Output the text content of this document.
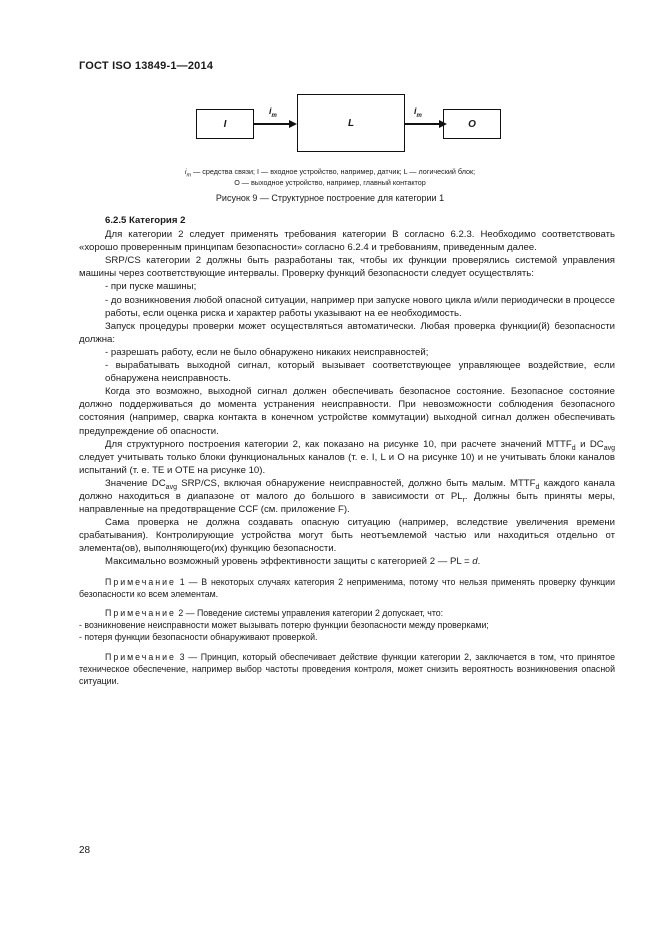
ГОСТ ISO 13849-1—2014
I
$i_m$
L
$i_m$
O
$i_m$ — средства связи; I — входное устройство, например, датчик; L — логический блок;
O — выходное устройство, например, главный контактор
Рисунок 9 — Структурное построение для категории 1

6.2.5 Категория 2

Для категории 2 следует применять требования категории B согласно 6.2.3. Необходимо соответствовать «хорошо проверенным принципам безопасности» согласно 6.2.4 и требованиям, приведенным далее.

SRP/CS категории 2 должны быть разработаны так, чтобы их функции проверялись системой управления машины через соответствующие интервалы. Проверку функций безопасности следует осуществлять:

- при пуске машины;

- до возникновения любой опасной ситуации, например при запуске нового цикла и/или периодически в процессе работы, если оценка риска и характер работы указывают на ее необходимость.

Запуск процедуры проверки может осуществляться автоматически. Любая проверка функции(й) безопасности должна:

- разрешать работу, если не было обнаружено никаких неисправностей;

- вырабатывать выходной сигнал, который вызывает соответствующее управляющее воздействие, если обнаружена неисправность.

Когда это возможно, выходной сигнал должен обеспечивать безопасное состояние. Безопасное состояние должно поддерживаться до момента устранения неисправности. При невозможности соблюдения безопасного состояния (например, сварка контакта в конечном устройстве коммутации) выходной сигнал должен обеспечивать предупреждение об опасности.

Для структурного построения категории 2, как показано на рисунке 10, при расчете значений $MTTF_d$ и $DC_{avg}$ следует учитывать только блоки функциональных каналов (т. е. I, L и O на рисунке 10) и не учитывать блоки каналов испытаний (т. е. TE и OTE на рисунке 10).

Значение $DC_{avg}$ SRP/CS, включая обнаружение неисправностей, должно быть малым. $MTTF_d$ каждого канала должно находиться в диапазоне от малого до большого в зависимости от $PL_r$. Должны быть приняты меры, направленные на предотвращение CCF (см. приложение F).

Сама проверка не должна создавать опасную ситуацию (например, вследствие увеличения времени срабатывания). Контролирующие устройства могут быть неотъемлемой частью или находиться отдельно от элемента(ов), выполняющего(их) функцию безопасности.

Максимально возможный уровень эффективности защиты с категорией 2 — PL = d.

Примечание 1 — В некоторых случаях категория 2 неприменима, потому что нельзя применять проверку функции безопасности ко всем элементам.

Примечание 2 — Поведение системы управления категории 2 допускает, что:

- возникновение неисправности может вызывать потерю функции безопасности между проверками;

- потеря функции безопасности обнаруживают проверкой.

Примечание 3 — Принцип, который обеспечивает действие функции категории 2, заключается в том, что принятое техническое обеспечение, например выбор частоты проведения контроля, может снизить вероятность возникновения опасной ситуации.

28
